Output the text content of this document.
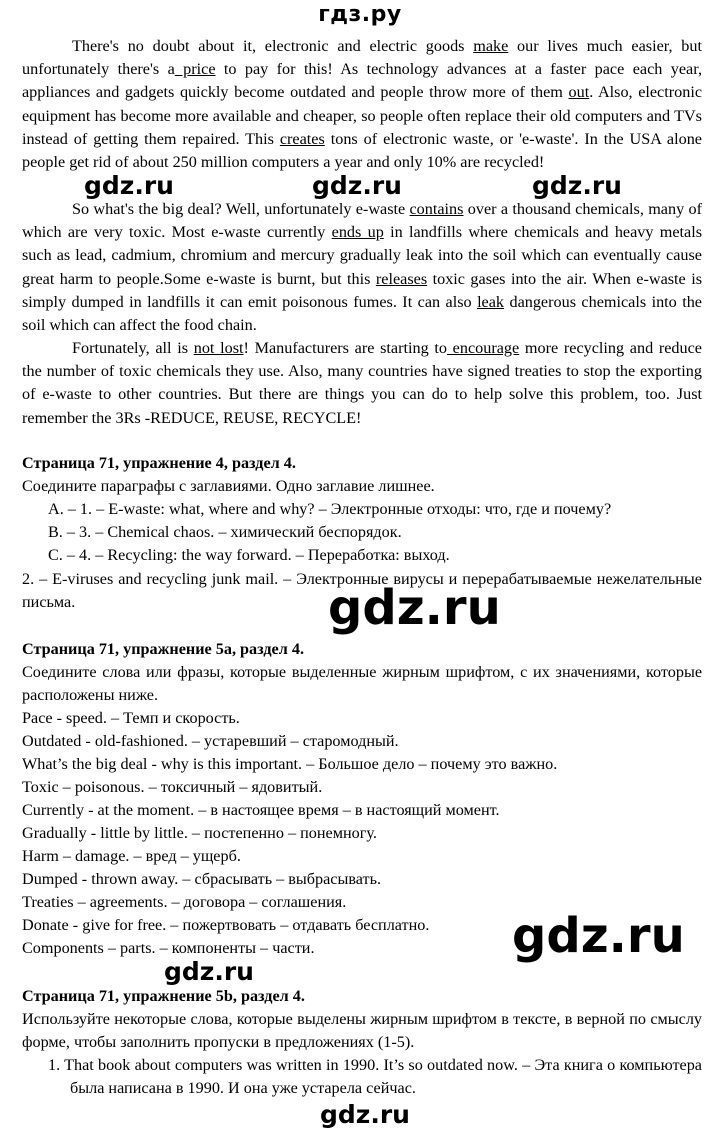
гдз.ру
There's no doubt about it, electronic and electric goods make our lives much easier, but unfortunately there's a price to pay for this! As technology advances at a faster pace each year, appliances and gadgets quickly become outdated and people throw more of them out. Also, electronic equipment has become more available and cheaper, so people often replace their old computers and TVs instead of getting them repaired. This creates tons of electronic waste, or 'e-waste'. In the USA alone people get rid of about 250 million computers a year and only 10% are recycled!
So what's the big deal? Well, unfortunately e-waste contains over a thousand chemicals, many of which are very toxic. Most e-waste currently ends up in landfills where chemicals and heavy metals such as lead, cadmium, chromium and mercury gradually leak into the soil which can eventually cause great harm to people.Some e-waste is burnt, but this releases toxic gases into the air. When e-waste is simply dumped in landfills it can emit poisonous fumes. It can also leak dangerous chemicals into the soil which can affect the food chain.
Fortunately, all is not lost! Manufacturers are starting to encourage more recycling and reduce the number of toxic chemicals they use. Also, many countries have signed treaties to stop the exporting of e-waste to other countries. But there are things you can do to help solve this problem, too. Just remember the 3Rs -REDUCE, REUSE, RECYCLE!
Страница 71, упражнение 4, раздел 4.
Соедините параграфы с заглавиями. Одно заглавие лишнее.
A. – 1. – E-waste: what, where and why? – Электронные отходы: что, где и почему?
B. – 3. – Chemical chaos. – химический беспорядок.
C. – 4. – Recycling: the way forward. – Переработка: выход.
2. – E-viruses and recycling junk mail. – Электронные вирусы и перерабатываемые нежелательные письма.
Страница 71, упражнение 5а, раздел 4.
Соедините слова или фразы, которые выделенные жирным шрифтом, с их значениями, которые расположены ниже.
Pace - speed. – Темп и скорость.
Outdated - old-fashioned. – устаревший – старомодный.
What’s the big deal - why is this important. – Большое дело – почему это важно.
Toxic – poisonous. – токсичный – ядовитый.
Currently - at the moment. – в настоящее время – в настоящий момент.
Gradually - little by little. – постепенно – понемногу.
Harm – damage. – вред – ущерб.
Dumped - thrown away. – сбрасывать – выбрасывать.
Treaties – agreements. – договора – соглашения.
Donate - give for free. – пожертвовать – отдавать бесплатно.
Components – parts. – компоненты – части.
Страница 71, упражнение 5b, раздел 4.
Используйте некоторые слова, которые выделены жирным шрифтом в тексте, в верной по смыслу форме, чтобы заполнить пропуски в предложениях (1-5).
1. That book about computers was written in 1990. It’s so outdated now. – Эта книга о компьютера была написана в 1990. И она уже устарела сейчас.
gdz.ru	gdz.ru	gdz.ru
gdz.ru
gdz.ru
gdz.ru
gdz.ru
